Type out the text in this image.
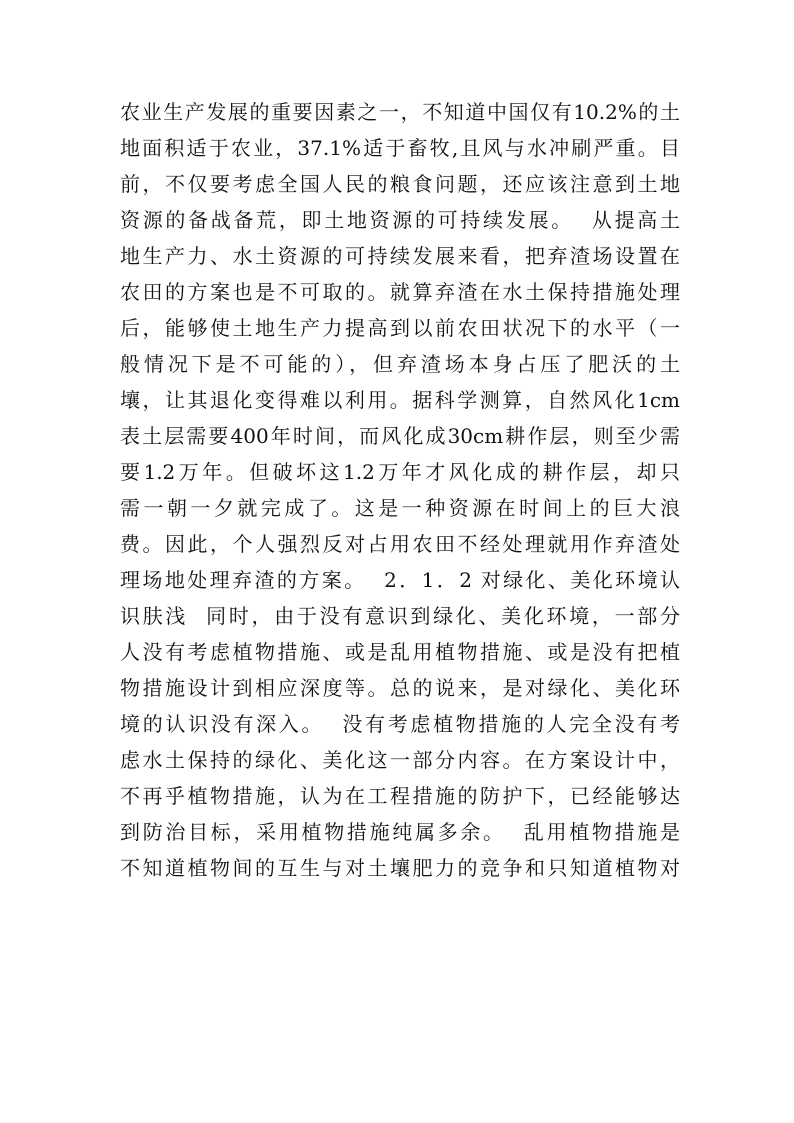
农业生产发展的重要因素之一，不知道中国仅有10.2%的土
地面积适于农业，37.1%适于畜牧,且风与水冲刷严重。目
前，不仅要考虑全国人民的粮食问题，还应该注意到土地
资源的备战备荒，即土地资源的可持续发展。  从提高土
地生产力、水土资源的可持续发展来看，把弃渣场设置在
农田的方案也是不可取的。就算弃渣在水土保持措施处理
后，能够使土地生产力提高到以前农田状况下的水平（一
般情况下是不可能的），但弃渣场本身占压了肥沃的土
壤，让其退化变得难以利用。据科学测算，自然风化1cm
表土层需要400年时间，而风化成30cm耕作层，则至少需
要1.2万年。但破坏这1.2万年才风化成的耕作层，却只
需一朝一夕就完成了。这是一种资源在时间上的巨大浪
费。因此，个人强烈反对占用农田不经处理就用作弃渣处
理场地处理弃渣的方案。  2．1．2 对绿化、美化环境认
识肤浅  同时，由于没有意识到绿化、美化环境，一部分
人没有考虑植物措施、或是乱用植物措施、或是没有把植
物措施设计到相应深度等。总的说来，是对绿化、美化环
境的认识没有深入。  没有考虑植物措施的人完全没有考
虑水土保持的绿化、美化这一部分内容。在方案设计中，
不再乎植物措施，认为在工程措施的防护下，已经能够达
到防治目标，采用植物措施纯属多余。  乱用植物措施是
不知道植物间的互生与对土壤肥力的竞争和只知道植物对
